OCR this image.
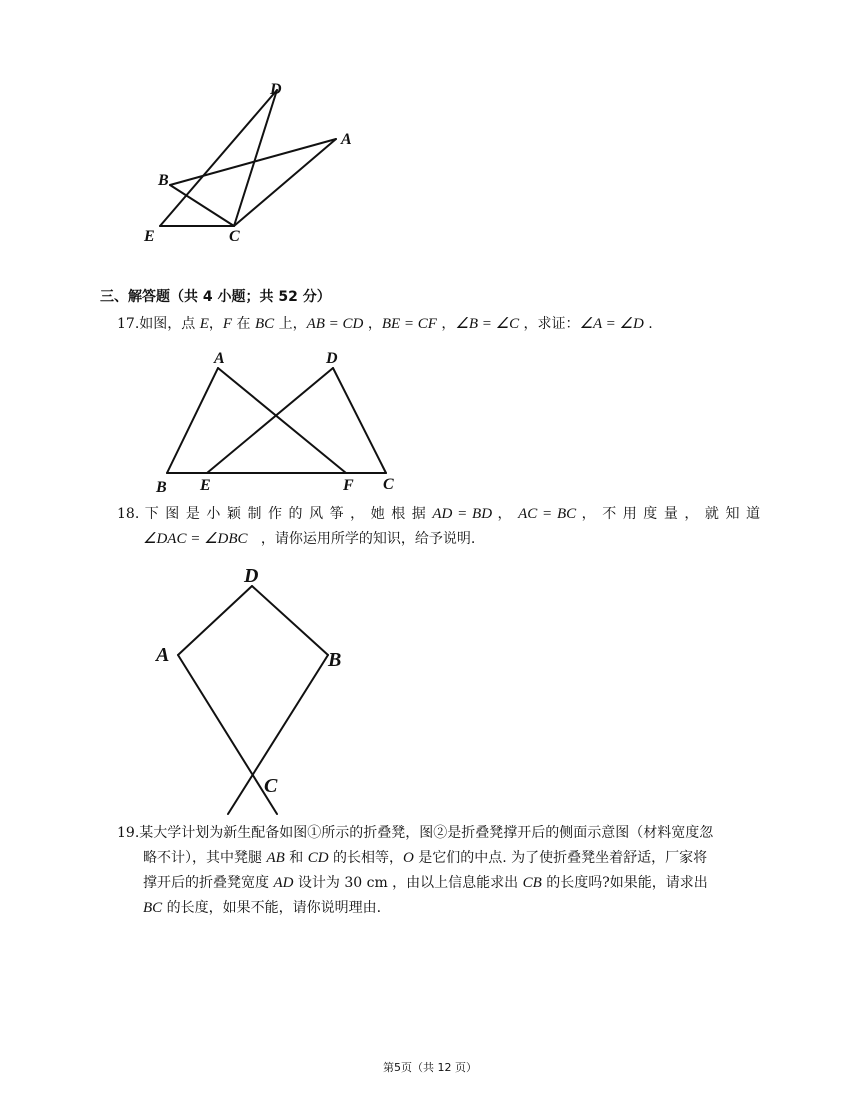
D
A
B
E	C
三、解答题（共 4 小题；共 52 分）
17.如图，点 E，F 在 BC 上，AB = CD ，BE = CF ，∠B = ∠C ，求证：∠A = ∠D .
A	D
B E	F C
18. 下 图 是 小 颖 制 作 的 风 筝 ， 她 根 据 AD = BD ， AC = BC ， 不 用 度 量 ， 就 知 道
∠DAC = ∠DBC ，请你运用所学的知识，给予说明.
D
A	B
C
19.某大学计划为新生配备如图①所示的折叠凳，图②是折叠凳撑开后的侧面示意图（材料宽度忽
略不计），其中凳腿 AB 和 CD 的长相等，O 是它们的中点. 为了使折叠凳坐着舒适，厂家将
撑开后的折叠凳宽度 AD 设计为 30 cm ，由以上信息能求出 CB 的长度吗?如果能，请求出
BC 的长度，如果不能，请你说明理由.
第5页（共 12 页）
